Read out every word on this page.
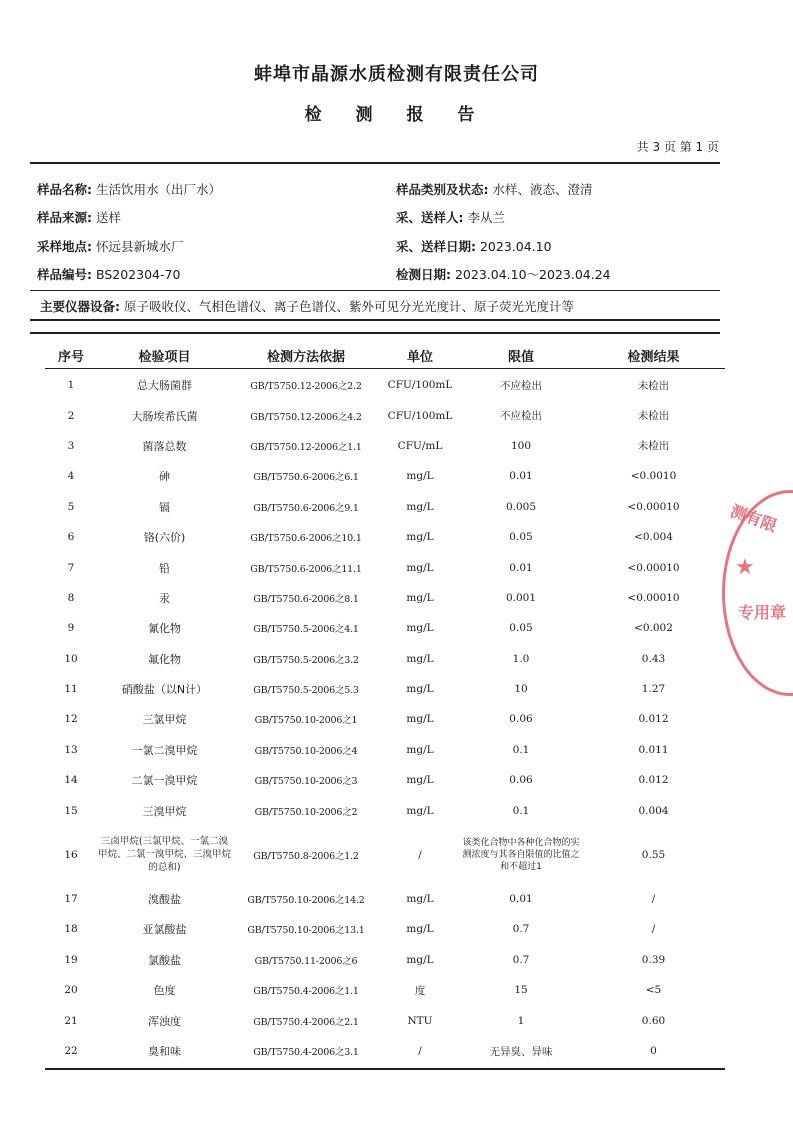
蚌埠市晶源水质检测有限责任公司
检 测 报 告
共 3 页 第 1 页
样品名称: 生活饮用水（出厂水）	样品类别及状态: 水样、液态、澄清
样品来源: 送样	采、送样人: 李从兰
采样地点: 怀远县新城水厂	采、送样日期: 2023.04.10
样品编号: BS202304-70	检测日期: 2023.04.10～2023.04.24
主要仪器设备: 原子吸收仪、气相色谱仪、离子色谱仪、紫外可见分光光度计、原子荧光光度计等
序号	检验项目	检测方法依据	单位	限值	检测结果
1	总大肠菌群	GB/T5750.12-2006之2.2	CFU/100mL	不应检出	未检出
2	大肠埃希氏菌	GB/T5750.12-2006之4.2	CFU/100mL	不应检出	未检出
3	菌落总数	GB/T5750.12-2006之1.1	CFU/mL	100	未检出
4	砷	GB/T5750.6-2006之6.1	mg/L	0.01	<0.0010
5	镉	GB/T5750.6-2006之9.1	mg/L	0.005	<0.00010
6	铬(六价)	GB/T5750.6-2006之10.1	mg/L	0.05	<0.004
7	铅	GB/T5750.6-2006之11.1	mg/L	0.01	<0.00010
8	汞	GB/T5750.6-2006之8.1	mg/L	0.001	<0.00010
9	氰化物	GB/T5750.5-2006之4.1	mg/L	0.05	<0.002
10	氟化物	GB/T5750.5-2006之3.2	mg/L	1.0	0.43
11	硝酸盐（以N计）	GB/T5750.5-2006之5.3	mg/L	10	1.27
12	三氯甲烷	GB/T5750.10-2006之1	mg/L	0.06	0.012
13	一氯二溴甲烷	GB/T5750.10-2006之4	mg/L	0.1	0.011
14	二氯一溴甲烷	GB/T5750.10-2006之3	mg/L	0.06	0.012
15	三溴甲烷	GB/T5750.10-2006之2	mg/L	0.1	0.004
16	三卤甲烷(三氯甲烷、一氯二溴甲烷、二氯一溴甲烷、三溴甲烷的总和)	GB/T5750.8-2006之1.2	/	该类化合物中各种化合物的实测浓度与其各自限值的比值之和不超过1	0.55
17	溴酸盐	GB/T5750.10-2006之14.2	mg/L	0.01	/
18	亚氯酸盐	GB/T5750.10-2006之13.1	mg/L	0.7	/
19	氯酸盐	GB/T5750.11-2006之6	mg/L	0.7	0.39
20	色度	GB/T5750.4-2006之1.1	度	15	<5
21	浑浊度	GB/T5750.4-2006之2.1	NTU	1	0.60
22	臭和味	GB/T5750.4-2006之3.1	/	无异臭、异味	0
测有限
★
专用章
